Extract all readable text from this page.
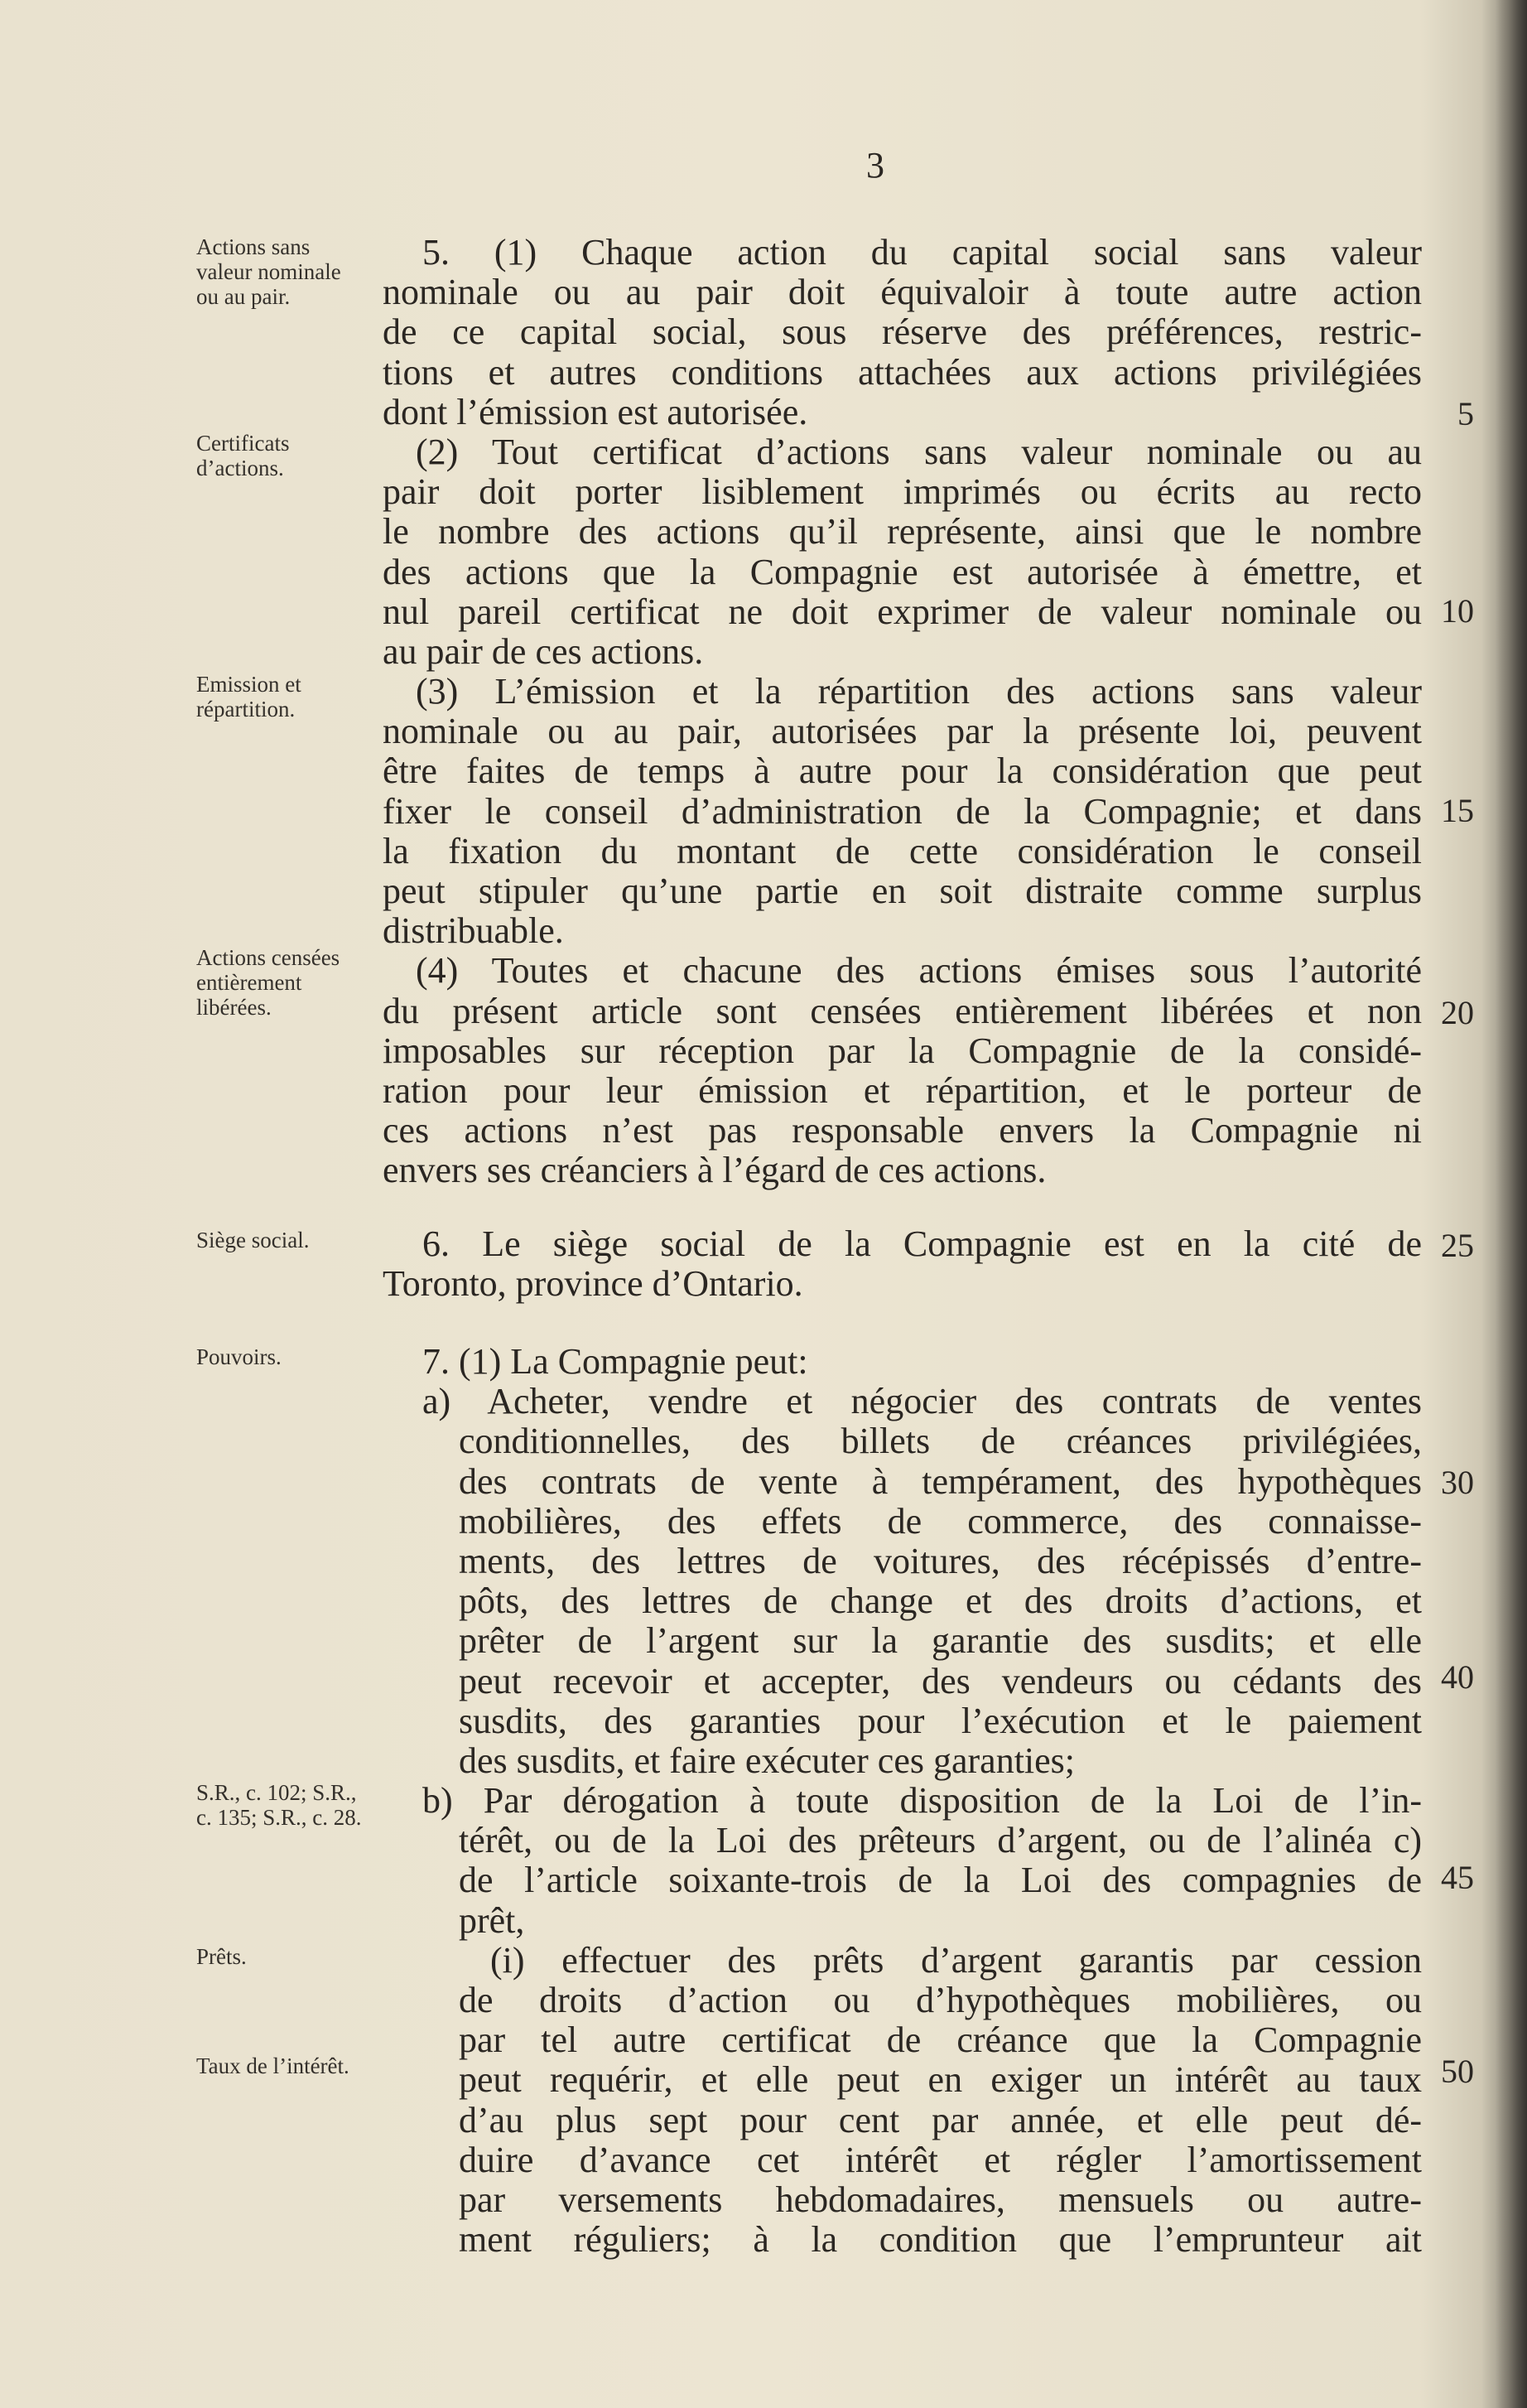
3
Actions sans valeur nominale ou au pair.
Certificats d’actions.
Emission et répartition.
Actions censées entièrement libérées.
Siège social.
Pouvoirs.
S.R., c. 102; S.R., c. 135; S.R., c. 28.
Prêts.
Taux de l’intérêt.
5. (1) Chaque action du capital social sans valeur
nominale ou au pair doit équivaloir à toute autre action
de ce capital social, sous réserve des préférences, restric-
tions et autres conditions attachées aux actions privilégiées
dont l’émission est autorisée.
(2) Tout certificat d’actions sans valeur nominale ou au
pair doit porter lisiblement imprimés ou écrits au recto
le nombre des actions qu’il représente, ainsi que le nombre
des actions que la Compagnie est autorisée à émettre, et
nul pareil certificat ne doit exprimer de valeur nominale ou
au pair de ces actions.
(3) L’émission et la répartition des actions sans valeur
nominale ou au pair, autorisées par la présente loi, peuvent
être faites de temps à autre pour la considération que peut
fixer le conseil d’administration de la Compagnie; et dans
la fixation du montant de cette considération le conseil
peut stipuler qu’une partie en soit distraite comme surplus
distribuable.
(4) Toutes et chacune des actions émises sous l’autorité
du présent article sont censées entièrement libérées et non
imposables sur réception par la Compagnie de la considé-
ration pour leur émission et répartition, et le porteur de
ces actions n’est pas responsable envers la Compagnie ni
envers ses créanciers à l’égard de ces actions.
6. Le siège social de la Compagnie est en la cité de
Toronto, province d’Ontario.
7. (1) La Compagnie peut:
a) Acheter, vendre et négocier des contrats de ventes
conditionnelles, des billets de créances privilégiées,
des contrats de vente à tempérament, des hypothèques
mobilières, des effets de commerce, des connaisse-
ments, des lettres de voitures, des récépissés d’entre-
pôts, des lettres de change et des droits d’actions, et
prêter de l’argent sur la garantie des susdits; et elle
peut recevoir et accepter, des vendeurs ou cédants des
susdits, des garanties pour l’exécution et le paiement
des susdits, et faire exécuter ces garanties;
b) Par dérogation à toute disposition de la Loi de l’in-
térêt, ou de la Loi des prêteurs d’argent, ou de l’alinéa c)
de l’article soixante-trois de la Loi des compagnies de
prêt,
(i) effectuer des prêts d’argent garantis par cession
de droits d’action ou d’hypothèques mobilières, ou
par tel autre certificat de créance que la Compagnie
peut requérir, et elle peut en exiger un intérêt au taux
d’au plus sept pour cent par année, et elle peut dé-
duire d’avance cet intérêt et régler l’amortissement
par versements hebdomadaires, mensuels ou autre-
ment réguliers; à la condition que l’emprunteur ait
5
10
15
20
25
30
40
45
50
